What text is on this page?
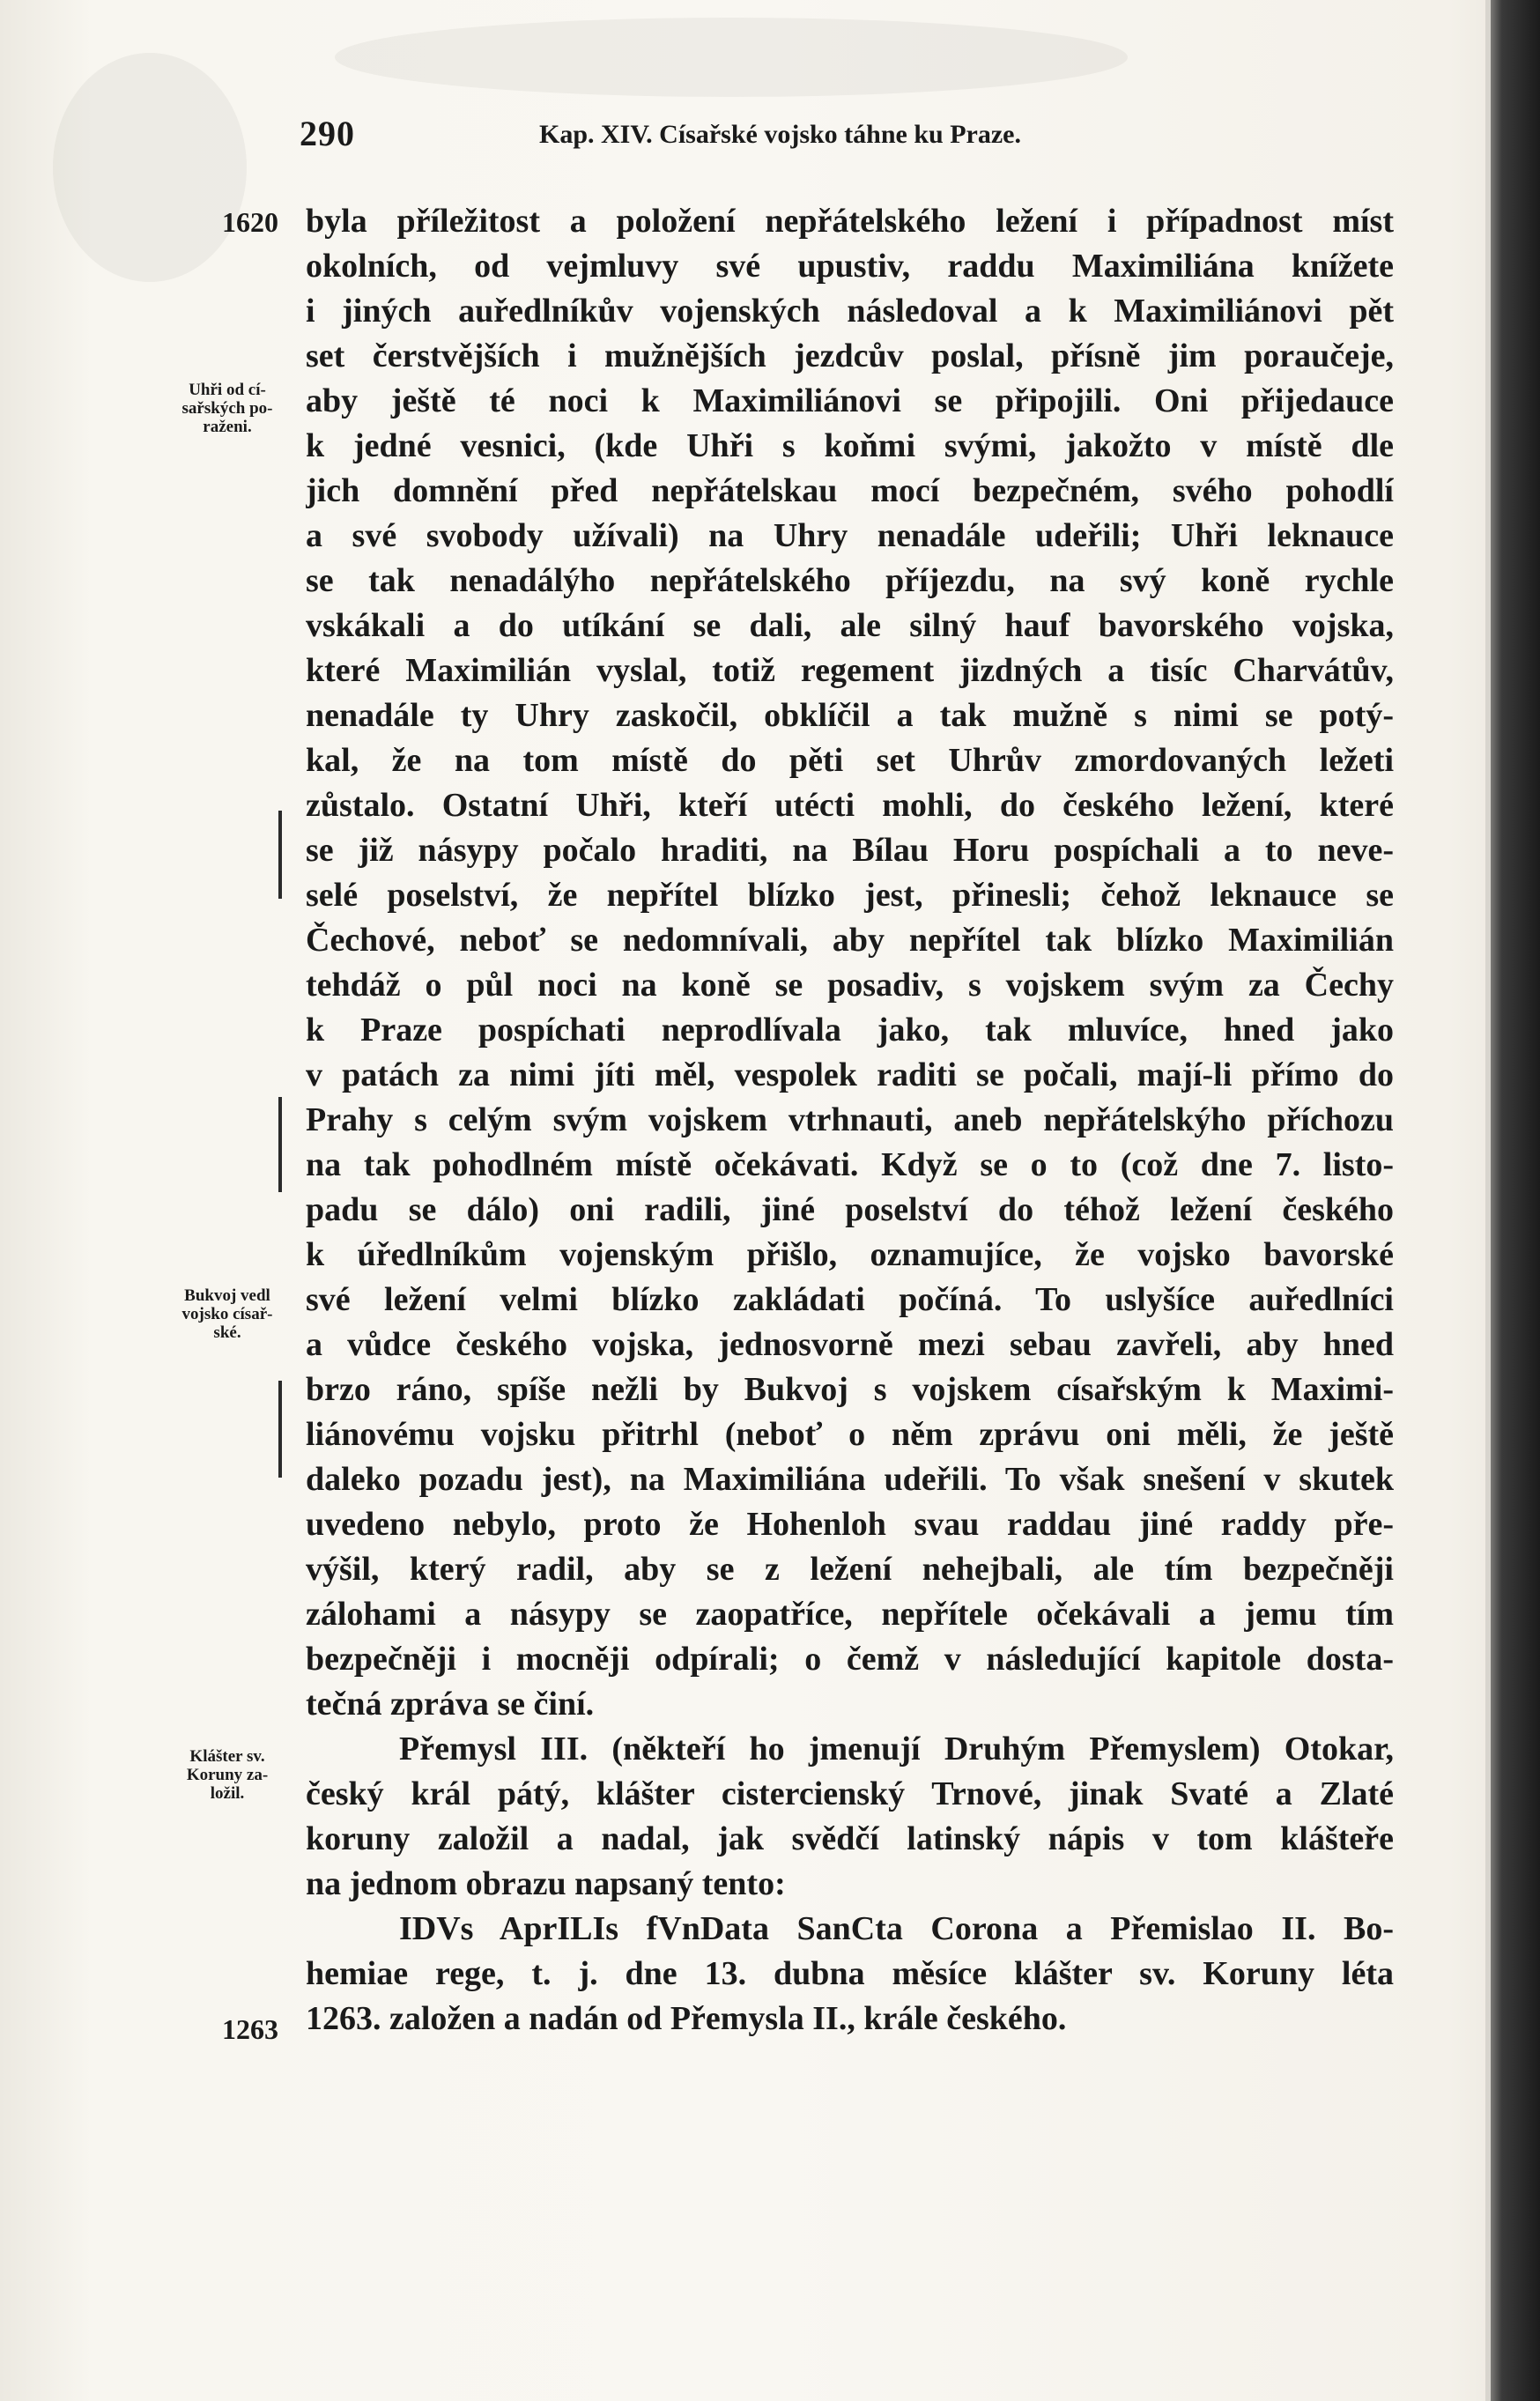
290	Kap. XIV. Císařské vojsko táhne ku Praze.
1620
1263
Uhři od cí-
sařských po-
raženi.
Bukvoj vedl
vojsko císař-
ské.
Klášter sv.
Koruny za-
ložil.
byla příležitost a položení nepřátelského ležení i případnost míst
okolních, od vejmluvy své upustiv, raddu Maximiliána knížete
i jiných auředlníkův vojenských následoval a k Maximiliánovi pět
set čerstvějších i mužnějších jezdcův poslal, přísně jim poraučeje,
aby ještě té noci k Maximiliánovi se připojili. Oni přijedauce
k jedné vesnici, (kde Uhři s koňmi svými, jakožto v místě dle
jich domnění před nepřátelskau mocí bezpečném, svého pohodlí
a své svobody užívali) na Uhry nenadále udeřili; Uhři leknauce
se tak nenadálýho nepřátelského příjezdu, na svý koně rychle
vskákali a do utíkání se dali, ale silný hauf bavorského vojska,
které Maximilián vyslal, totiž regement jizdných a tisíc Charvátův,
nenadále ty Uhry zaskočil, obklíčil a tak mužně s nimi se potý-
kal, že na tom místě do pěti set Uhrův zmordovaných ležeti
zůstalo. Ostatní Uhři, kteří utécti mohli, do českého ležení, které
se již násypy počalo hraditi, na Bílau Horu pospíchali a to neve-
selé poselství, že nepřítel blízko jest, přinesli; čehož leknauce se
Čechové, neboť se nedomnívali, aby nepřítel tak blízko Maximilián
tehdáž o půl noci na koně se posadiv, s vojskem svým za Čechy
k Praze pospíchati neprodlívala jako, tak mluvíce, hned jako
v patách za nimi jíti měl, vespolek raditi se počali, mají-li přímo do
Prahy s celým svým vojskem vtrhnauti, aneb nepřátelskýho příchozu
na tak pohodlném místě očekávati. Když se o to (což dne 7. listo-
padu se dálo) oni radili, jiné poselství do téhož ležení českého
k úředlníkům vojenským přišlo, oznamujíce, že vojsko bavorské
své ležení velmi blízko zakládati počíná. To uslyšíce auředlníci
a vůdce českého vojska, jednosvorně mezi sebau zavřeli, aby hned
brzo ráno, spíše nežli by Bukvoj s vojskem císařským k Maximi-
liánovému vojsku přitrhl (neboť o něm zprávu oni měli, že ještě
daleko pozadu jest), na Maximiliána udeřili. To však snešení v skutek
uvedeno nebylo, proto že Hohenloh svau raddau jiné raddy pře-
výšil, který radil, aby se z ležení nehejbali, ale tím bezpečněji
zálohami a násypy se zaopatříce, nepřítele očekávali a jemu tím
bezpečněji i mocněji odpírali; o čemž v následující kapitole dosta-
tečná zpráva se činí.
Přemysl III. (někteří ho jmenují Druhým Přemyslem) Otokar,
český král pátý, klášter cistercienský Trnové, jinak Svaté a Zlaté
koruny založil a nadal, jak svědčí latinský nápis v tom klášteře
na jednom obrazu napsaný tento:
IDVs AprILIs fVnData SanCta Corona a Přemislao II. Bo-
hemiae rege, t. j. dne 13. dubna měsíce klášter sv. Koruny léta
1263. založen a nadán od Přemysla II., krále českého.
